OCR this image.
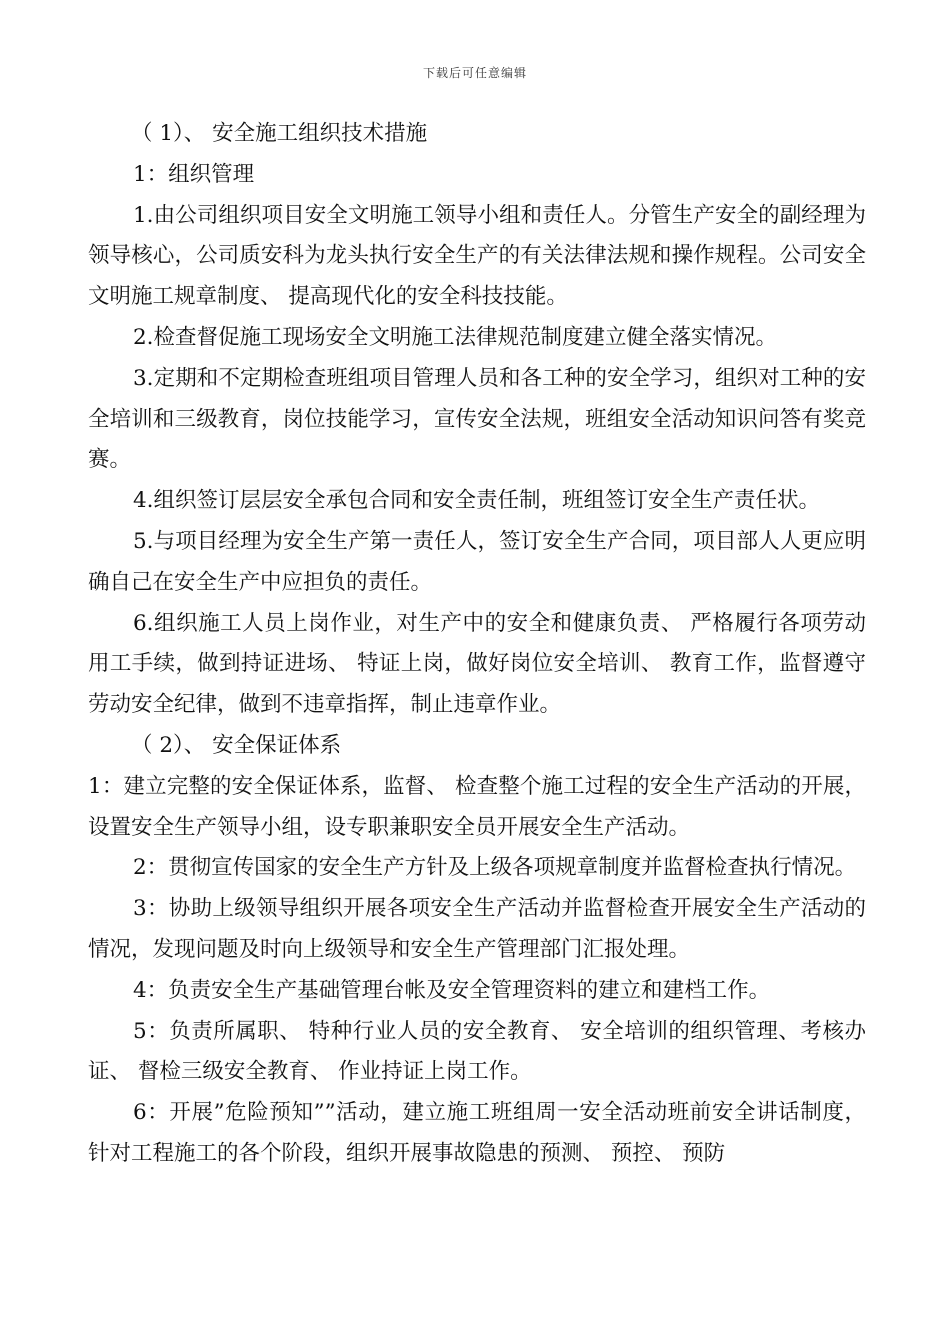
下载后可任意编辑

（ 1）、 安全施工组织技术措施

1：组织管理

1.由公司组织项目安全文明施工领导小组和责任人。分管生产安全的副经理为领导核心，公司质安科为龙头执行安全生产的有关法律法规和操作规程。公司安全文明施工规章制度、 提高现代化的安全科技技能。

2.检查督促施工现场安全文明施工法律规范制度建立健全落实情况。

3.定期和不定期检查班组项目管理人员和各工种的安全学习，组织对工种的安全培训和三级教育，岗位技能学习，宣传安全法规，班组安全活动知识问答有奖竞赛。

4.组织签订层层安全承包合同和安全责任制，班组签订安全生产责任状。

5.与项目经理为安全生产第一责任人，签订安全生产合同，项目部人人更应明确自己在安全生产中应担负的责任。

6.组织施工人员上岗作业，对生产中的安全和健康负责、 严格履行各项劳动用工手续，做到持证进场、 特证上岗，做好岗位安全培训、 教育工作，监督遵守劳动安全纪律，做到不违章指挥，制止违章作业。

（ 2）、 安全保证体系

1：建立完整的安全保证体系，监督、 检查整个施工过程的安全生产活动的开展，设置安全生产领导小组，设专职兼职安全员开展安全生产活动。

2：贯彻宣传国家的安全生产方针及上级各项规章制度并监督检查执行情况。

3：协助上级领导组织开展各项安全生产活动并监督检查开展安全生产活动的情况，发现问题及时向上级领导和安全生产管理部门汇报处理。

4：负责安全生产基础管理台帐及安全管理资料的建立和建档工作。

5：负责所属职、 特种行业人员的安全教育、 安全培训的组织管理、考核办证、 督检三级安全教育、 作业持证上岗工作。

6：开展”危险预知””活动，建立施工班组周一安全活动班前安全讲话制度，针对工程施工的各个阶段，组织开展事故隐患的预测、 预控、 预防
